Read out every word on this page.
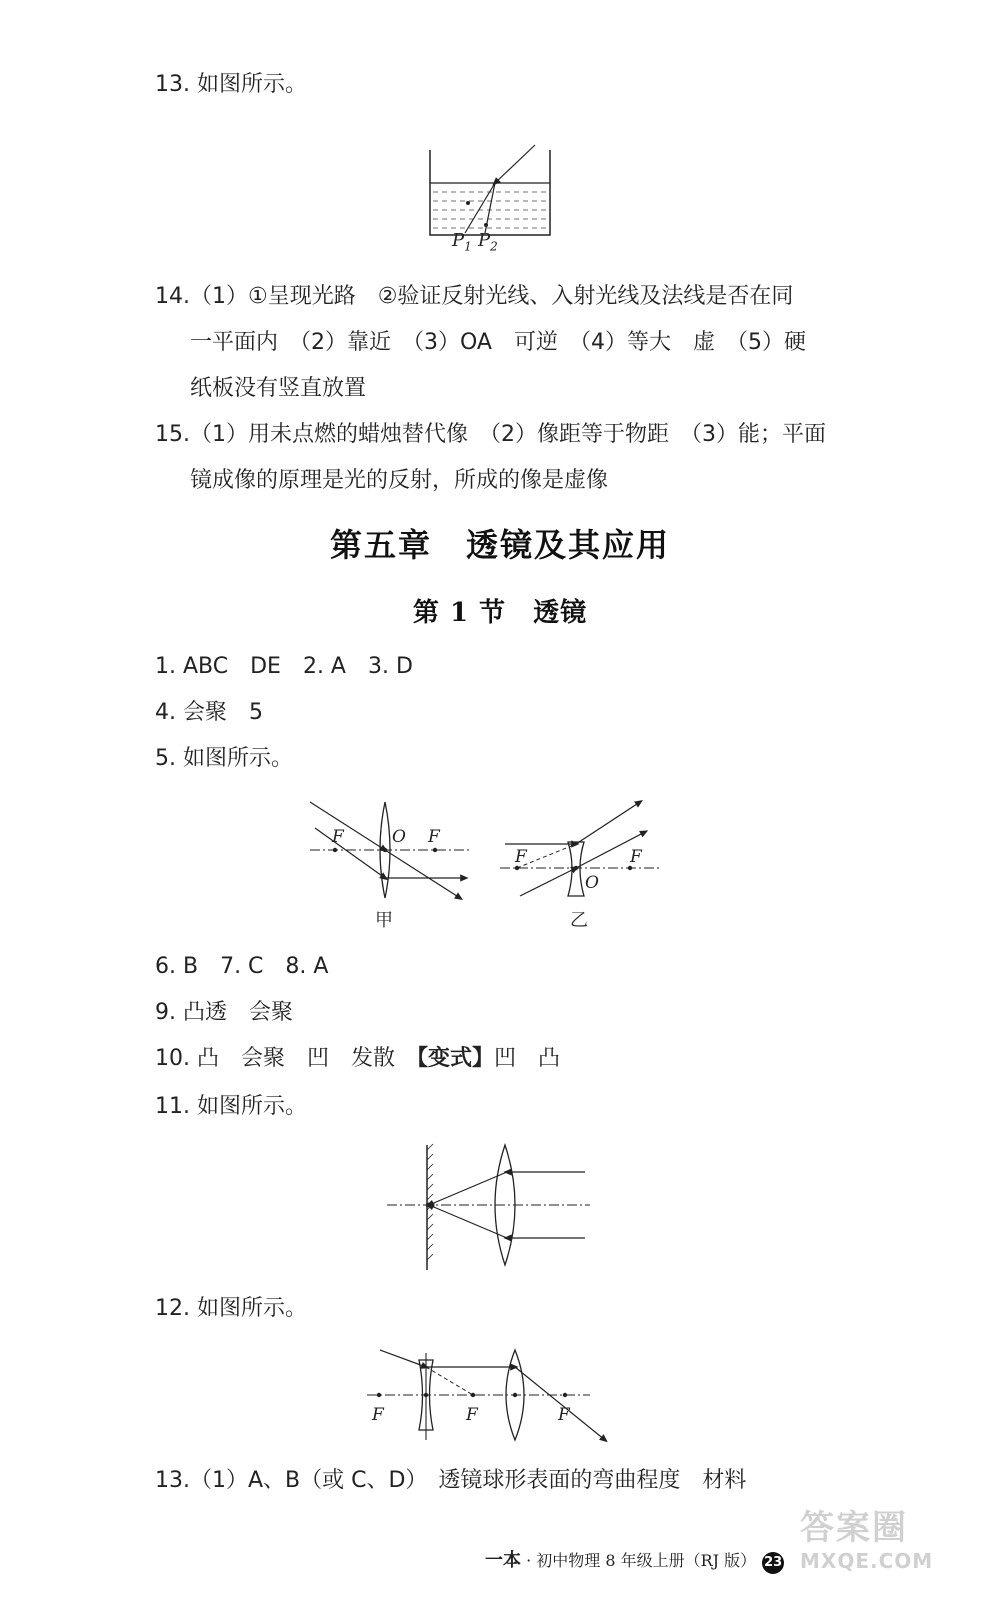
13. 如图所示。
$P_1$ $P_2$
14.（1）①呈现光路　②验证反射光线、入射光线及法线是否在同
一平面内　（2）靠近　（3）OA　可逆　（4）等大　虚　（5）硬
纸板没有竖直放置
15.（1）用未点燃的蜡烛替代像　（2）像距等于物距　（3）能；平面
镜成像的原理是光的反射，所成的像是虚像
第五章　透镜及其应用
第 1 节　透镜
1. ABC　DE　2. A　3. D
4. 会聚　5
5. 如图所示。
F	O F
甲
F
O
F
乙
6. B　7. C　8. A
9. 凸透　会聚
10. 凸　会聚　凹　发散　【变式】凹　凸
11. 如图所示。
12. 如图所示。
F	F	F
13.（1）A、B（或 C、D）　透镜球形表面的弯曲程度　材料
一本 · 初中物理 8 年级上册（RJ 版） 23
答案圈
MXQE.COM
